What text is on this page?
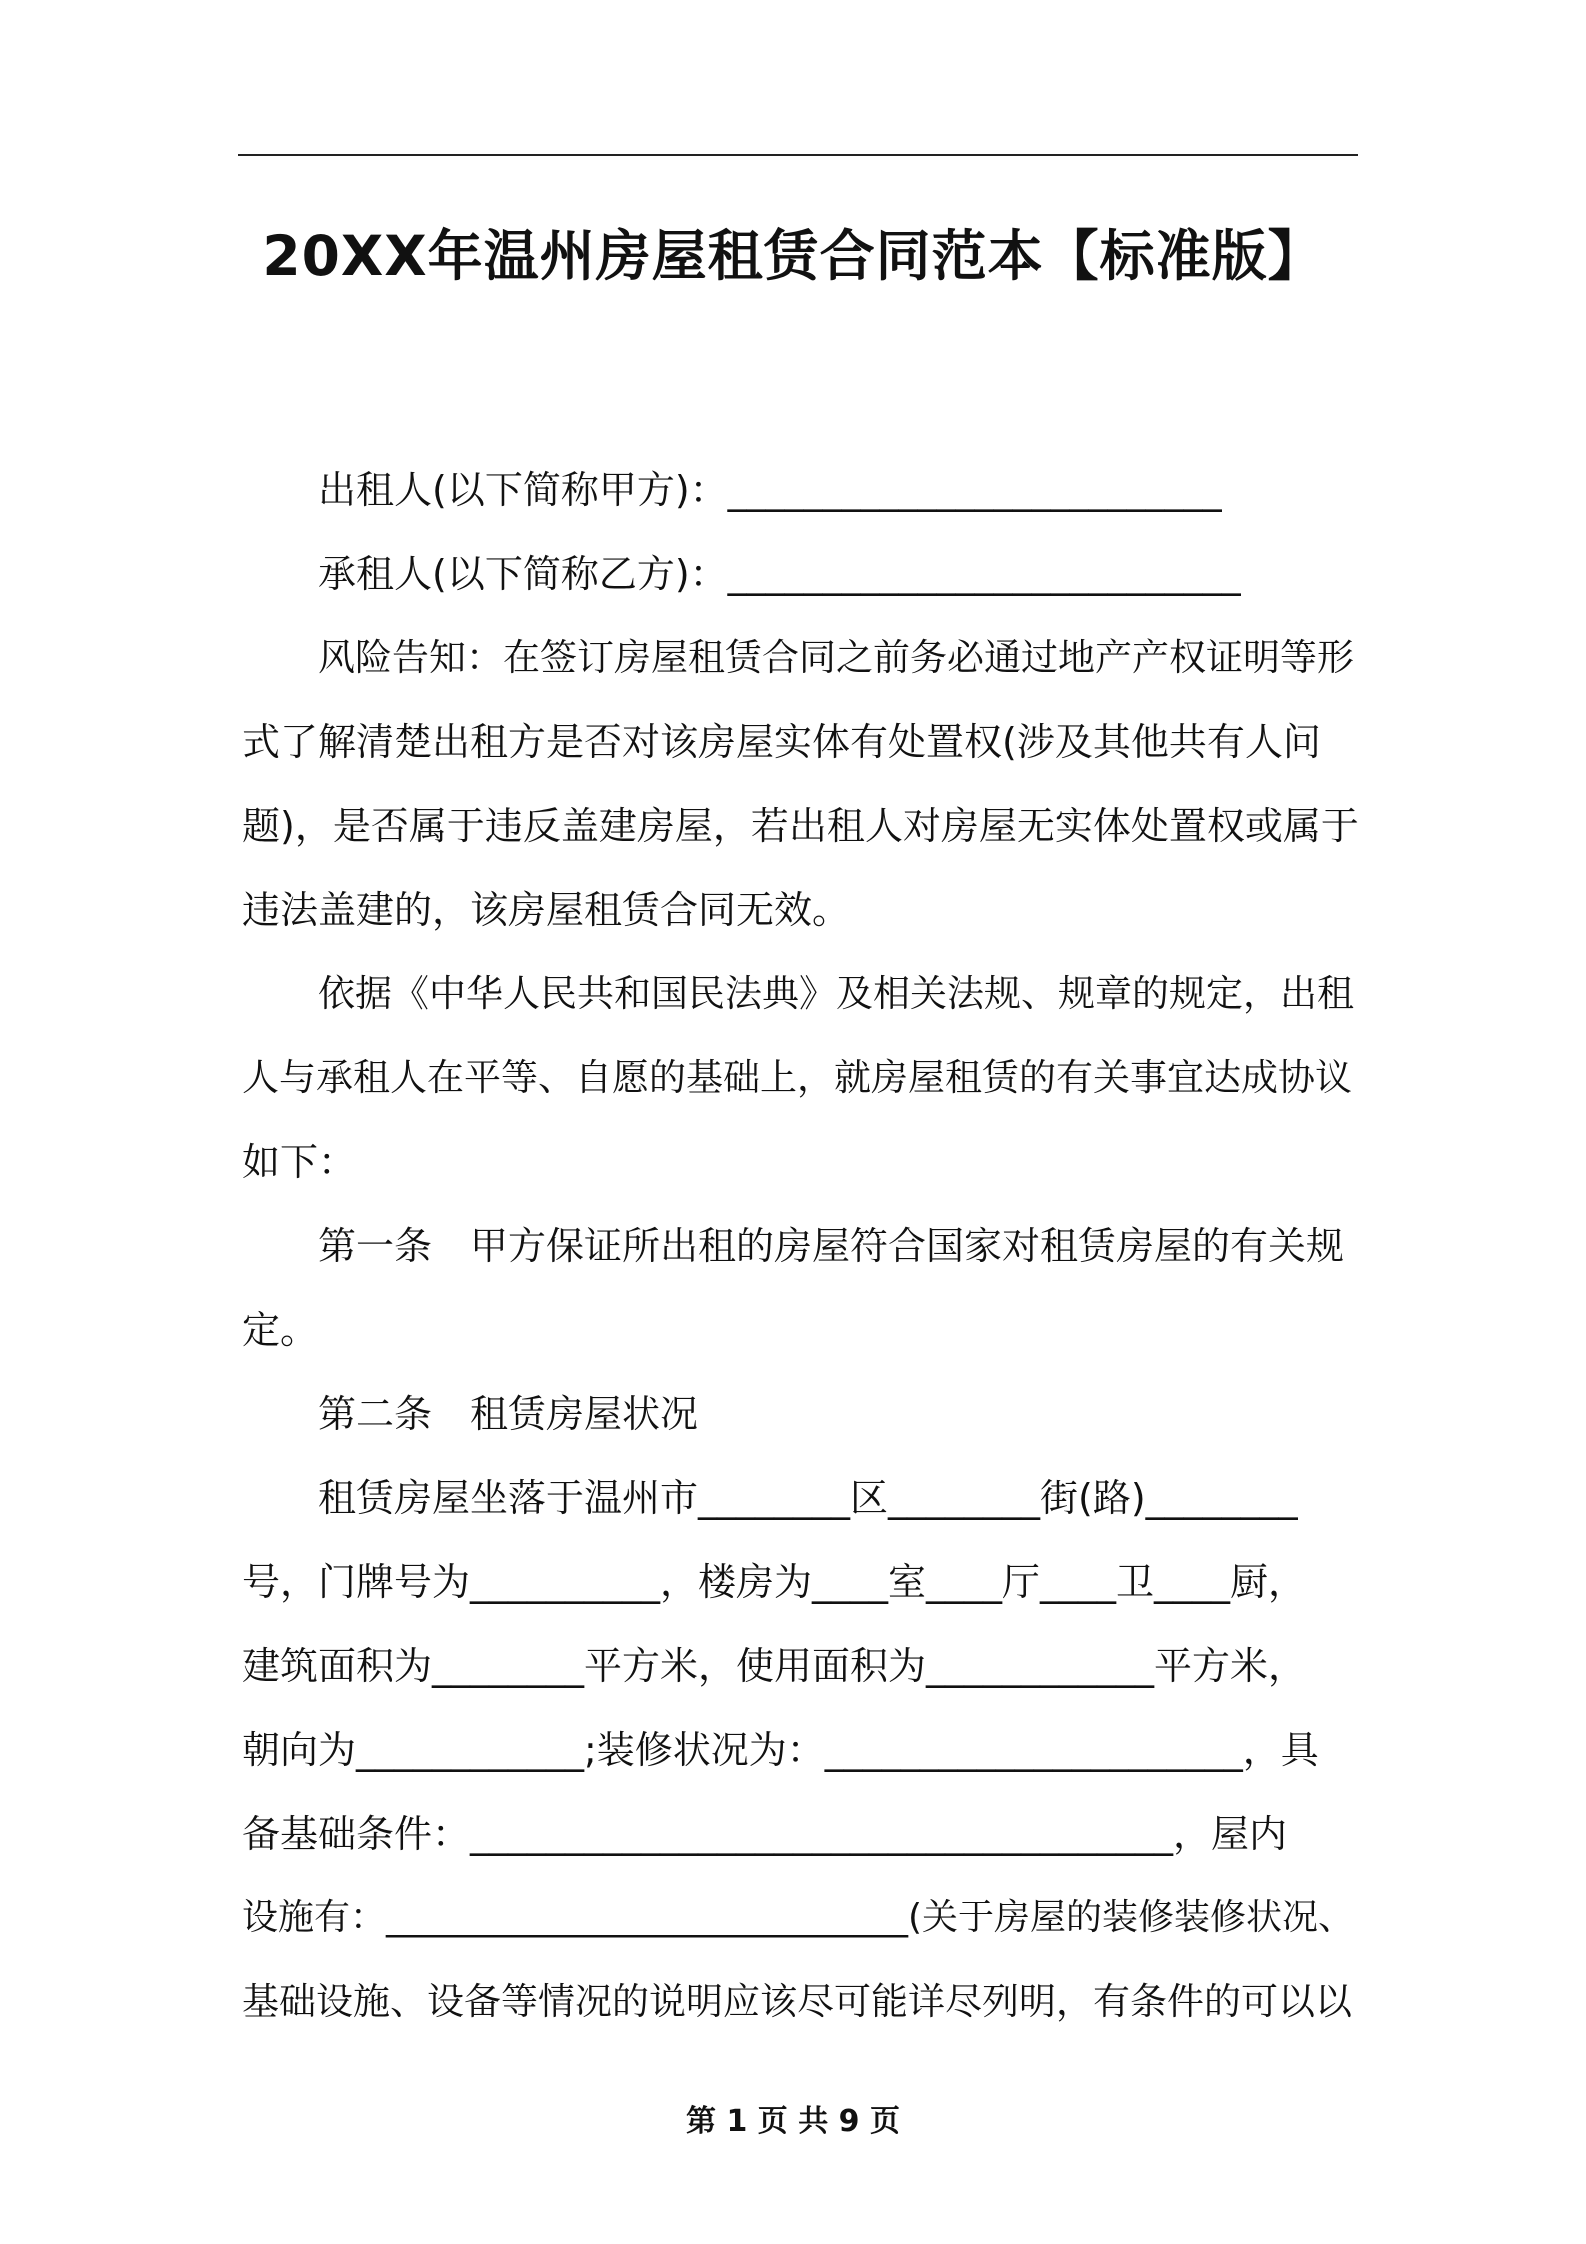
20XX年温州房屋租赁合同范本【标准版】
出租人(以下简称甲方)：__________________________
承租人(以下简称乙方)：___________________________
风险告知：在签订房屋租赁合同之前务必通过地产产权证明等形
式了解清楚出租方是否对该房屋实体有处置权(涉及其他共有人问
题)，是否属于违反盖建房屋，若出租人对房屋无实体处置权或属于
违法盖建的，该房屋租赁合同无效。
依据《中华人民共和国民法典》及相关法规、规章的规定，出租
人与承租人在平等、自愿的基础上，就房屋租赁的有关事宜达成协议
如下：
第一条　甲方保证所出租的房屋符合国家对租赁房屋的有关规
定。
第二条　租赁房屋状况
租赁房屋坐落于温州市________区________街(路)________
号，门牌号为__________，楼房为____室____厅____卫____厨，
建筑面积为________平方米，使用面积为____________平方米，
朝向为____________;装修状况为：______________________，具
备基础条件：_____________________________________，屋内
设施有：_____________________________(关于房屋的装修装修状况、
基础设施、设备等情况的说明应该尽可能详尽列明，有条件的可以以
第 1 页 共 9 页
